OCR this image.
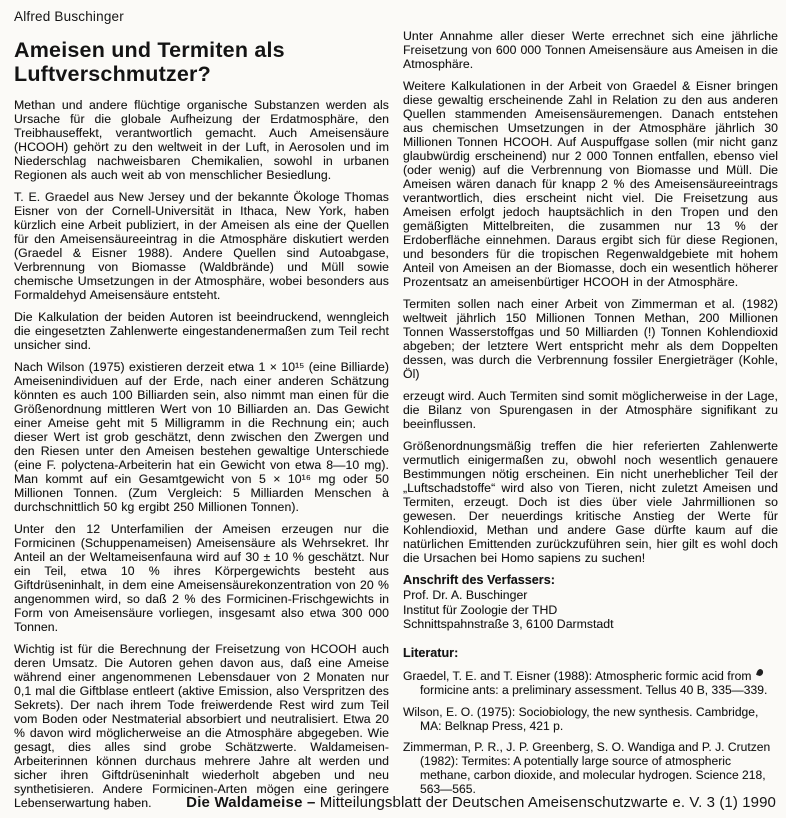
Alfred Buschinger
Ameisen und Termiten als
Luftverschmutzer?

Methan und andere flüchtige organische Substanzen werden als Ursache für die globale Aufheizung der Erdatmosphäre, den Treibhauseffekt, verantwortlich gemacht. Auch Ameisensäure (HCOOH) gehört zu den weltweit in der Luft, in Aerosolen und im Niederschlag nachweisbaren Chemikalien, sowohl in urbanen Regionen als auch weit ab von menschlicher Besiedlung.

T. E. Graedel aus New Jersey und der bekannte Ökologe Thomas Eisner von der Cornell-Universität in Ithaca, New York, haben kürzlich eine Arbeit publiziert, in der Ameisen als eine der Quellen für den Ameisensäureeintrag in die Atmosphäre diskutiert werden (Graedel & Eisner 1988). Andere Quellen sind Autoabgase, Verbrennung von Biomasse (Waldbrände) und Müll sowie chemische Umsetzungen in der Atmosphäre, wobei besonders aus Formaldehyd Ameisensäure entsteht.

Die Kalkulation der beiden Autoren ist beeindruckend, wenngleich die eingesetzten Zahlenwerte eingestandenermaßen zum Teil recht unsicher sind.

Nach Wilson (1975) existieren derzeit etwa 1 × 10¹⁵ (eine Billiarde) Ameisenindividuen auf der Erde, nach einer anderen Schätzung könnten es auch 100 Billiarden sein, also nimmt man einen für die Größenordnung mittleren Wert von 10 Billiarden an. Das Gewicht einer Ameise geht mit 5 Milligramm in die Rechnung ein; auch dieser Wert ist grob geschätzt, denn zwischen den Zwergen und den Riesen unter den Ameisen bestehen gewaltige Unterschiede (eine F. polyctena-Arbeiterin hat ein Gewicht von etwa 8—10 mg). Man kommt auf ein Gesamtgewicht von 5 × 10¹⁶ mg oder 50 Millionen Tonnen. (Zum Vergleich: 5 Milliarden Menschen à durchschnittlich 50 kg ergibt 250 Millionen Tonnen).

Unter den 12 Unterfamilien der Ameisen erzeugen nur die Formicinen (Schuppenameisen) Ameisensäure als Wehrsekret. Ihr Anteil an der Weltameisenfauna wird auf 30 ± 10 % geschätzt. Nur ein Teil, etwa 10 % ihres Körpergewichts besteht aus Giftdrüseninhalt, in dem eine Ameisensäurekonzentration von 20 % angenommen wird, so daß 2 % des Formicinen-Frischgewichts in Form von Ameisensäure vorliegen, insgesamt also etwa 300 000 Tonnen.

Wichtig ist für die Berechnung der Freisetzung von HCOOH auch deren Umsatz. Die Autoren gehen davon aus, daß eine Ameise während einer angenommenen Lebensdauer von 2 Monaten nur 0,1 mal die Giftblase entleert (aktive Emission, also Verspritzen des Sekrets). Der nach ihrem Tode freiwerdende Rest wird zum Teil vom Boden oder Nestmaterial absorbiert und neutralisiert. Etwa 20 % davon wird möglicherweise an die Atmosphäre abgegeben. Wie gesagt, dies alles sind grobe Schätzwerte. Waldameisen-Arbeiterinnen können durchaus mehrere Jahre alt werden und sicher ihren Giftdrüseninhalt wiederholt abgeben und neu synthetisieren. Andere Formicinen-Arten mögen eine geringere Lebenserwartung haben.

Unter Annahme aller dieser Werte errechnet sich eine jährliche Freisetzung von 600 000 Tonnen Ameisensäure aus Ameisen in die Atmosphäre.

Weitere Kalkulationen in der Arbeit von Graedel & Eisner bringen diese gewaltig erscheinende Zahl in Relation zu den aus anderen Quellen stammenden Ameisensäuremengen. Danach entstehen aus chemischen Umsetzungen in der Atmosphäre jährlich 30 Millionen Tonnen HCOOH. Auf Auspuffgase sollen (mir nicht ganz glaubwürdig erscheinend) nur 2 000 Tonnen entfallen, ebenso viel (oder wenig) auf die Verbrennung von Biomasse und Müll. Die Ameisen wären danach für knapp 2 % des Ameisensäureeintrags verantwortlich, dies erscheint nicht viel. Die Freisetzung aus Ameisen erfolgt jedoch hauptsächlich in den Tropen und den gemäßigten Mittelbreiten, die zusammen nur 13 % der Erdoberfläche einnehmen. Daraus ergibt sich für diese Regionen, und besonders für die tropischen Regenwaldgebiete mit hohem Anteil von Ameisen an der Biomasse, doch ein wesentlich höherer Prozentsatz an ameisenbürtiger HCOOH in der Atmosphäre.

Termiten sollen nach einer Arbeit von Zimmerman et al. (1982) weltweit jährlich 150 Millionen Tonnen Methan, 200 Millionen Tonnen Wasserstoffgas und 50 Milliarden (!) Tonnen Kohlendioxid abgeben; der letztere Wert entspricht mehr als dem Doppelten dessen, was durch die Verbrennung fossiler Energieträger (Kohle, Öl)

erzeugt wird. Auch Termiten sind somit möglicherweise in der Lage, die Bilanz von Spurengasen in der Atmosphäre signifikant zu beeinflussen.

Größenordnungsmäßig treffen die hier referierten Zahlenwerte vermutlich einigermaßen zu, obwohl noch wesentlich genauere Bestimmungen nötig erscheinen. Ein nicht unerheblicher Teil der „Luftschadstoffe“ wird also von Tieren, nicht zuletzt Ameisen und Termiten, erzeugt. Doch ist dies über viele Jahrmillionen so gewesen. Der neuerdings kritische Anstieg der Werte für Kohlendioxid, Methan und andere Gase dürfte kaum auf die natürlichen Emittenden zurückzuführen sein, hier gilt es wohl doch die Ursachen bei Homo sapiens zu suchen!

Anschrift des Verfassers:
Prof. Dr. A. Buschinger
Institut für Zoologie der THD
Schnittspahnstraße 3, 6100 Darmstadt
Literatur:

Graedel, T. E. and T. Eisner (1988): Atmospheric formic acid from formicine ants: a preliminary assessment. Tellus 40 B, 335—339.

Wilson, E. O. (1975): Sociobiology, the new synthesis. Cambridge, MA: Belknap Press, 421 p.

Zimmerman, P. R., J. P. Greenberg, S. O. Wandiga and P. J. Crutzen (1982): Termites: A potentially large source of atmospheric methane, carbon dioxide, and molecular hydrogen. Science 218, 563—565.

Die Waldameise – Mitteilungsblatt der Deutschen Ameisenschutzwarte e. V. 3 (1) 1990
